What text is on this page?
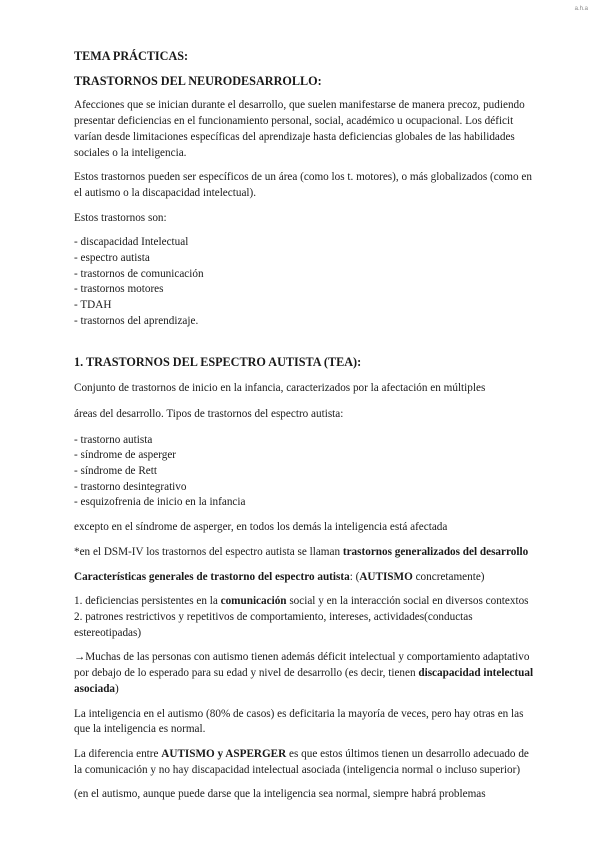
a.h.a

TEMA PRÁCTICAS:

TRASTORNOS DEL NEURODESARROLLO:

Afecciones que se inician durante el desarrollo, que suelen manifestarse de manera precoz, pudiendo presentar deficiencias en el funcionamiento personal, social, académico u ocupacional. Los déficit varían desde limitaciones específicas del aprendizaje hasta deficiencias globales de las habilidades sociales o la inteligencia.

Estos trastornos pueden ser específicos de un área (como los t. motores), o más globalizados (como en el autismo o la discapacidad intelectual).

Estos trastornos son:

- discapacidad Intelectual
- espectro autista
- trastornos de comunicación
- trastornos motores
- TDAH
- trastornos del aprendizaje.

1. TRASTORNOS DEL ESPECTRO AUTISTA (TEA):

Conjunto de trastornos de inicio en la infancia, caracterizados por la afectación en múltiples

áreas del desarrollo. Tipos de trastornos del espectro autista:

- trastorno autista
- síndrome de asperger
- síndrome de Rett
- trastorno desintegrativo
- esquizofrenia de inicio en la infancia

excepto en el síndrome de asperger, en todos los demás la inteligencia está afectada

*en el DSM-IV los trastornos del espectro autista se llaman trastornos generalizados del desarrollo

Características generales de trastorno del espectro autista: (AUTISMO concretamente)

1. deficiencias persistentes en la comunicación social y en la interacción social en diversos contextos 2. patrones restrictivos y repetitivos de comportamiento, intereses, actividades(conductas estereotipadas)

→Muchas de las personas con autismo tienen además déficit intelectual y comportamiento adaptativo por debajo de lo esperado para su edad y nivel de desarrollo (es decir, tienen discapacidad intelectual asociada)

La inteligencia en el autismo (80% de casos) es deficitaria la mayoría de veces, pero hay otras en las que la inteligencia es normal.

La diferencia entre AUTISMO y ASPERGER es que estos últimos tienen un desarrollo adecuado de la comunicación y no hay discapacidad intelectual asociada (inteligencia normal o incluso superior)

(en el autismo, aunque puede darse que la inteligencia sea normal, siempre habrá problemas
